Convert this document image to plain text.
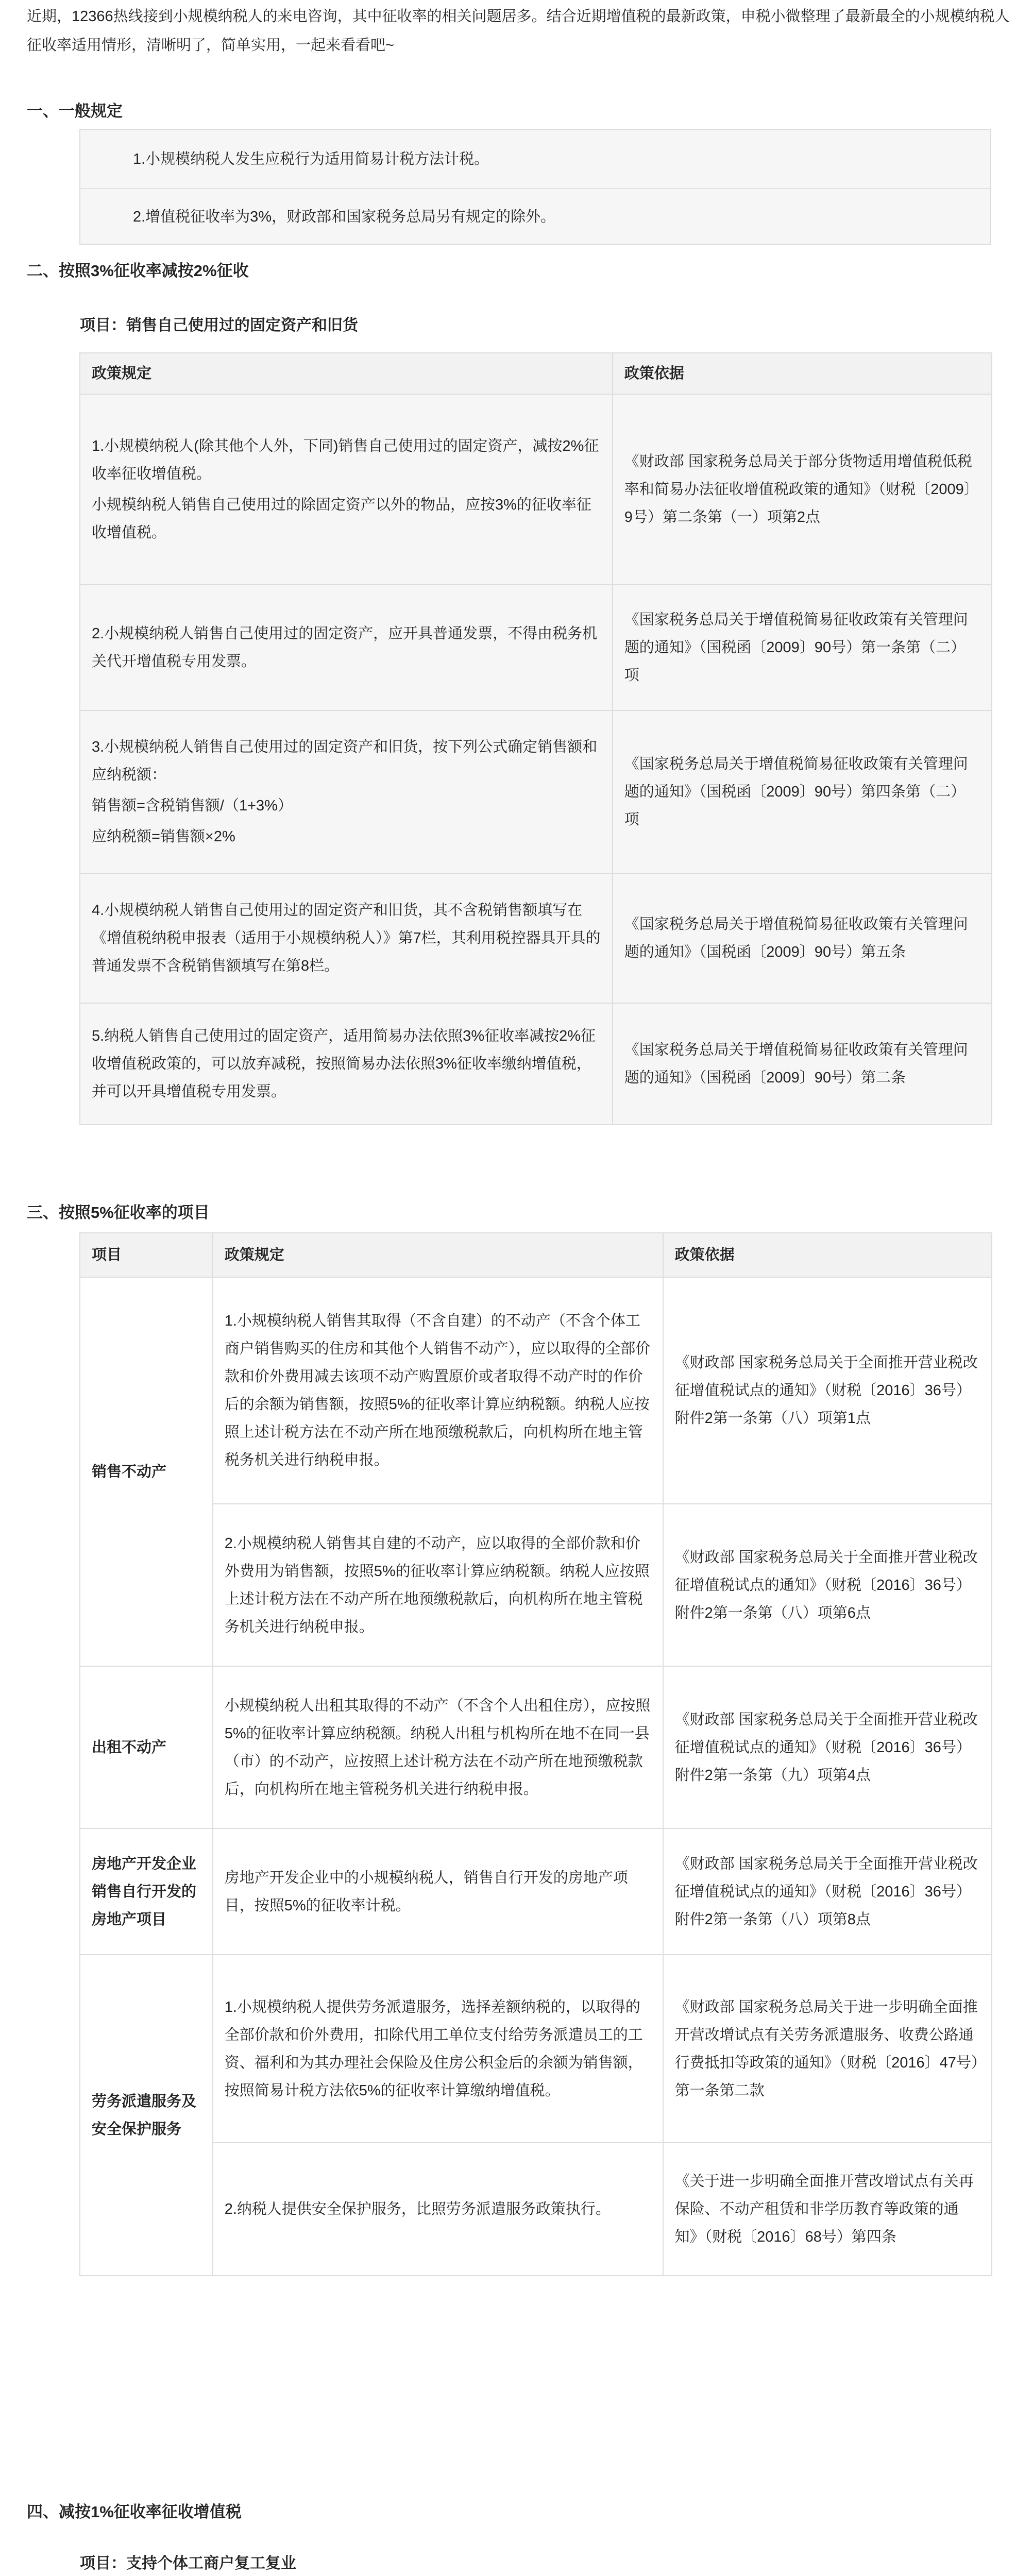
近期，12366热线接到小规模纳税人的来电咨询，其中征收率的相关问题居多。结合近期增值税的最新政策，申税小微整理了最新最全的小规模纳税人征收率适用情形，清晰明了，简单实用，一起来看看吧~
一、一般规定
1.小规模纳税人发生应税行为适用简易计税方法计税。
2.增值税征收率为3%，财政部和国家税务总局另有规定的除外。
二、按照3%征收率减按2%征收
项目：销售自己使用过的固定资产和旧货
政策规定	政策依据

1.小规模纳税人(除其他个人外，下同)销售自己使用过的固定资产，减按2%征收率征收增值税。
小规模纳税人销售自己使用过的除固定资产以外的物品，应按3%的征收率征收增值税。	《财政部 国家税务总局关于部分货物适用增值税低税率和简易办法征收增值税政策的通知》（财税〔2009〕9号）第二条第（一）项第2点
2.小规模纳税人销售自己使用过的固定资产，应开具普通发票，不得由税务机关代开增值税专用发票。	《国家税务总局关于增值税简易征收政策有关管理问题的通知》（国税函〔2009〕90号）第一条第（二）项

3.小规模纳税人销售自己使用过的固定资产和旧货，按下列公式确定销售额和应纳税额：
销售额=含税销售额/（1+3%）
应纳税额=销售额×2%	《国家税务总局关于增值税简易征收政策有关管理问题的通知》（国税函〔2009〕90号）第四条第（二）项
4.小规模纳税人销售自己使用过的固定资产和旧货，其不含税销售额填写在《增值税纳税申报表（适用于小规模纳税人）》第7栏，其利用税控器具开具的普通发票不含税销售额填写在第8栏。	《国家税务总局关于增值税简易征收政策有关管理问题的通知》（国税函〔2009〕90号）第五条
5.纳税人销售自己使用过的固定资产，适用简易办法依照3%征收率减按2%征收增值税政策的，可以放弃减税，按照简易办法依照3%征收率缴纳增值税，并可以开具增值税专用发票。	《国家税务总局关于增值税简易征收政策有关管理问题的通知》（国税函〔2009〕90号）第二条
三、按照5%征收率的项目
项目	政策规定	政策依据
销售不动产	1.小规模纳税人销售其取得（不含自建）的不动产（不含个体工商户销售购买的住房和其他个人销售不动产），应以取得的全部价款和价外费用减去该项不动产购置原价或者取得不动产时的作价后的余额为销售额，按照5%的征收率计算应纳税额。纳税人应按照上述计税方法在不动产所在地预缴税款后，向机构所在地主管税务机关进行纳税申报。	《财政部 国家税务总局关于全面推开营业税改征增值税试点的通知》（财税〔2016〕36号）附件2第一条第（八）项第1点
	2.小规模纳税人销售其自建的不动产，应以取得的全部价款和价外费用为销售额，按照5%的征收率计算应纳税额。纳税人应按照上述计税方法在不动产所在地预缴税款后，向机构所在地主管税务机关进行纳税申报。	《财政部 国家税务总局关于全面推开营业税改征增值税试点的通知》（财税〔2016〕36号）附件2第一条第（八）项第6点
出租不动产	小规模纳税人出租其取得的不动产（不含个人出租住房），应按照5%的征收率计算应纳税额。纳税人出租与机构所在地不在同一县（市）的不动产，应按照上述计税方法在不动产所在地预缴税款后，向机构所在地主管税务机关进行纳税申报。	《财政部 国家税务总局关于全面推开营业税改征增值税试点的通知》（财税〔2016〕36号）附件2第一条第（九）项第4点
房地产开发企业销售自行开发的房地产项目	房地产开发企业中的小规模纳税人，销售自行开发的房地产项目，按照5%的征收率计税。	《财政部 国家税务总局关于全面推开营业税改征增值税试点的通知》（财税〔2016〕36号）附件2第一条第（八）项第8点
劳务派遣服务及安全保护服务	1.小规模纳税人提供劳务派遣服务，选择差额纳税的，以取得的全部价款和价外费用，扣除代用工单位支付给劳务派遣员工的工资、福利和为其办理社会保险及住房公积金后的余额为销售额，按照简易计税方法依5%的征收率计算缴纳增值税。	《财政部 国家税务总局关于进一步明确全面推开营改增试点有关劳务派遣服务、收费公路通行费抵扣等政策的通知》（财税〔2016〕47号）第一条第二款
	2.纳税人提供安全保护服务，比照劳务派遣服务政策执行。	《关于进一步明确全面推开营改增试点有关再保险、不动产租赁和非学历教育等政策的通知》（财税〔2016〕68号）第四条
四、减按1%征收率征收增值税
项目：支持个体工商户复工复业
